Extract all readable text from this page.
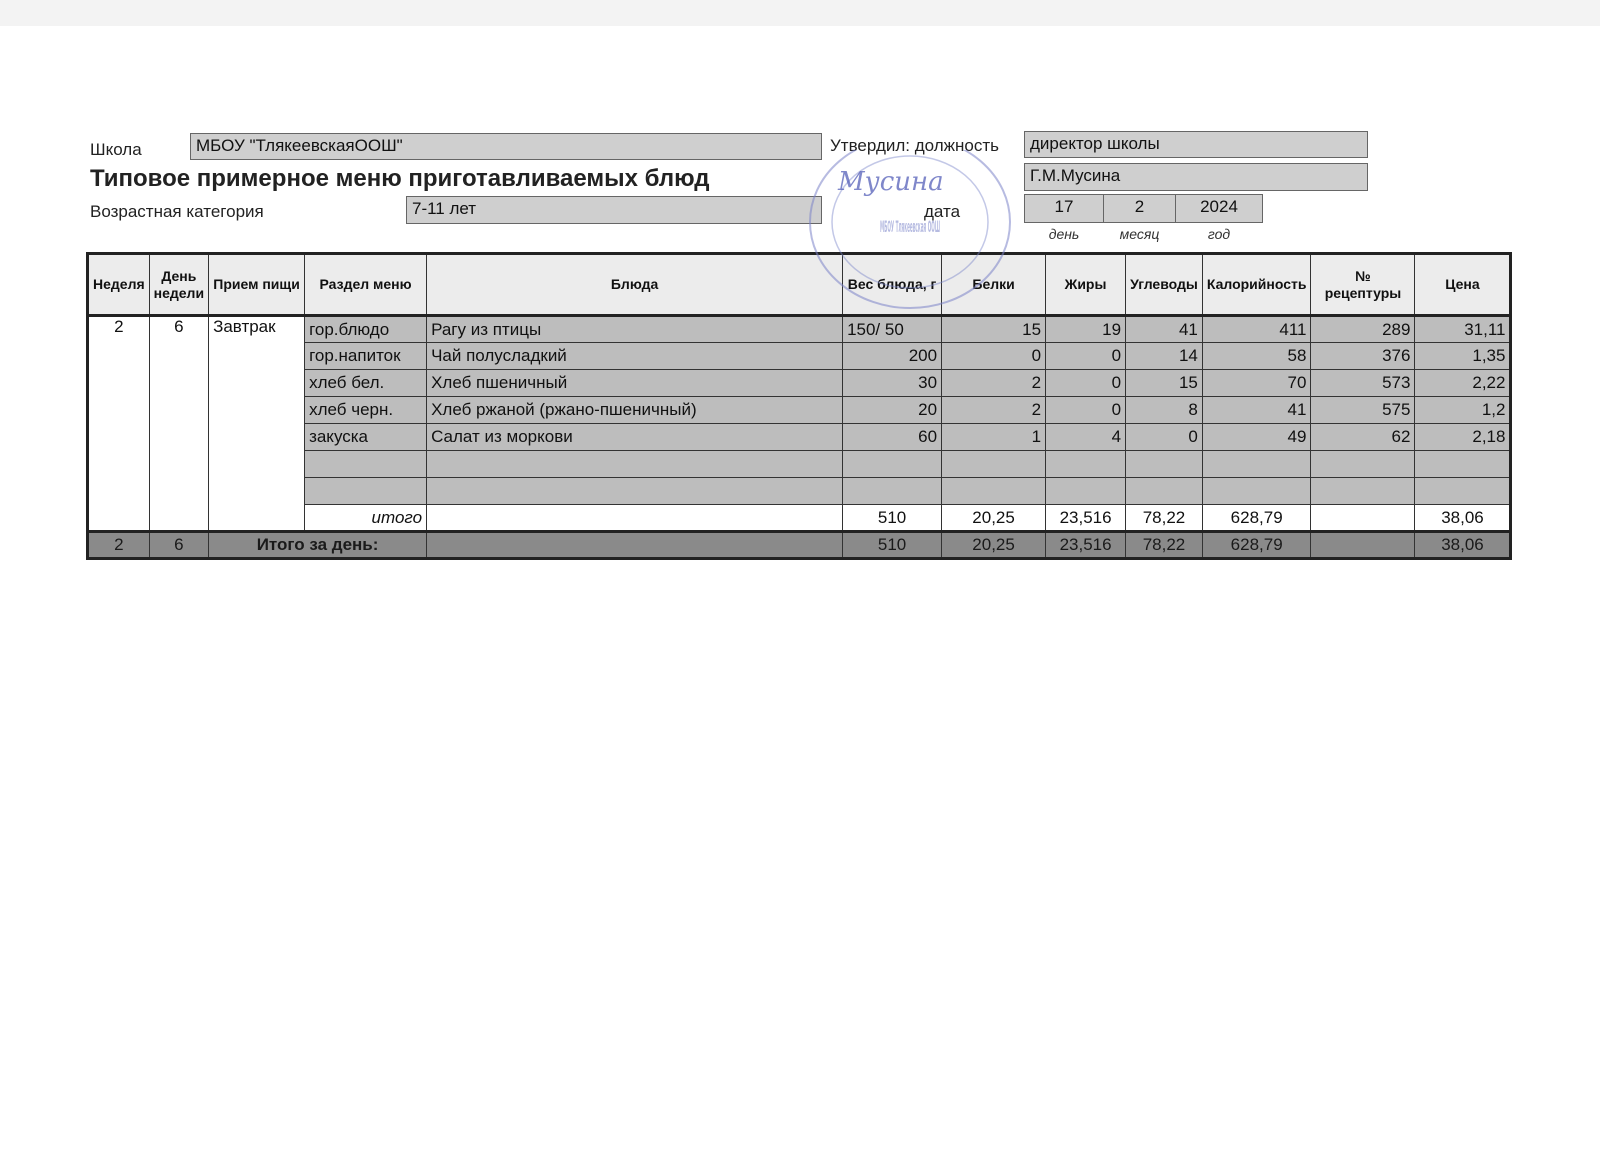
Школа	МБОУ "ТлякеевскаяООШ"	Утвердил: должность	директор школы
Типовое примерное меню приготавливаемых блюд	Г.М.Мусина
Возрастная категория	7-11 лет	дата	17	2	2024
день	месяц	год
Неделя	День недели	Прием пищи	Раздел меню	Блюда	Вес блюда, г	Белки	Жиры	Углеводы	Калорийность	№ рецептуры	Цена
2	6	Завтрак	гор.блюдо	Рагу из птицы	150/ 50	15	19	41	411	289	31,11
			гор.напиток	Чай полусладкий	200	0	0	14	58	376	1,35
			хлеб бел.	Хлеб пшеничный	30	2	0	15	70	573	2,22
			хлеб черн.	Хлеб ржаной (ржано-пшеничный)	20	2	0	8	41	575	1,2
			закуска	Салат из моркови	60	1	4	0	49	62	2,18

			итого		510	20,25	23,516	78,22	628,79		38,06
2	6	Итого за день:			510	20,25	23,516	78,22	628,79		38,06
МБОУ Тлякеевская ООШ
Мусина
